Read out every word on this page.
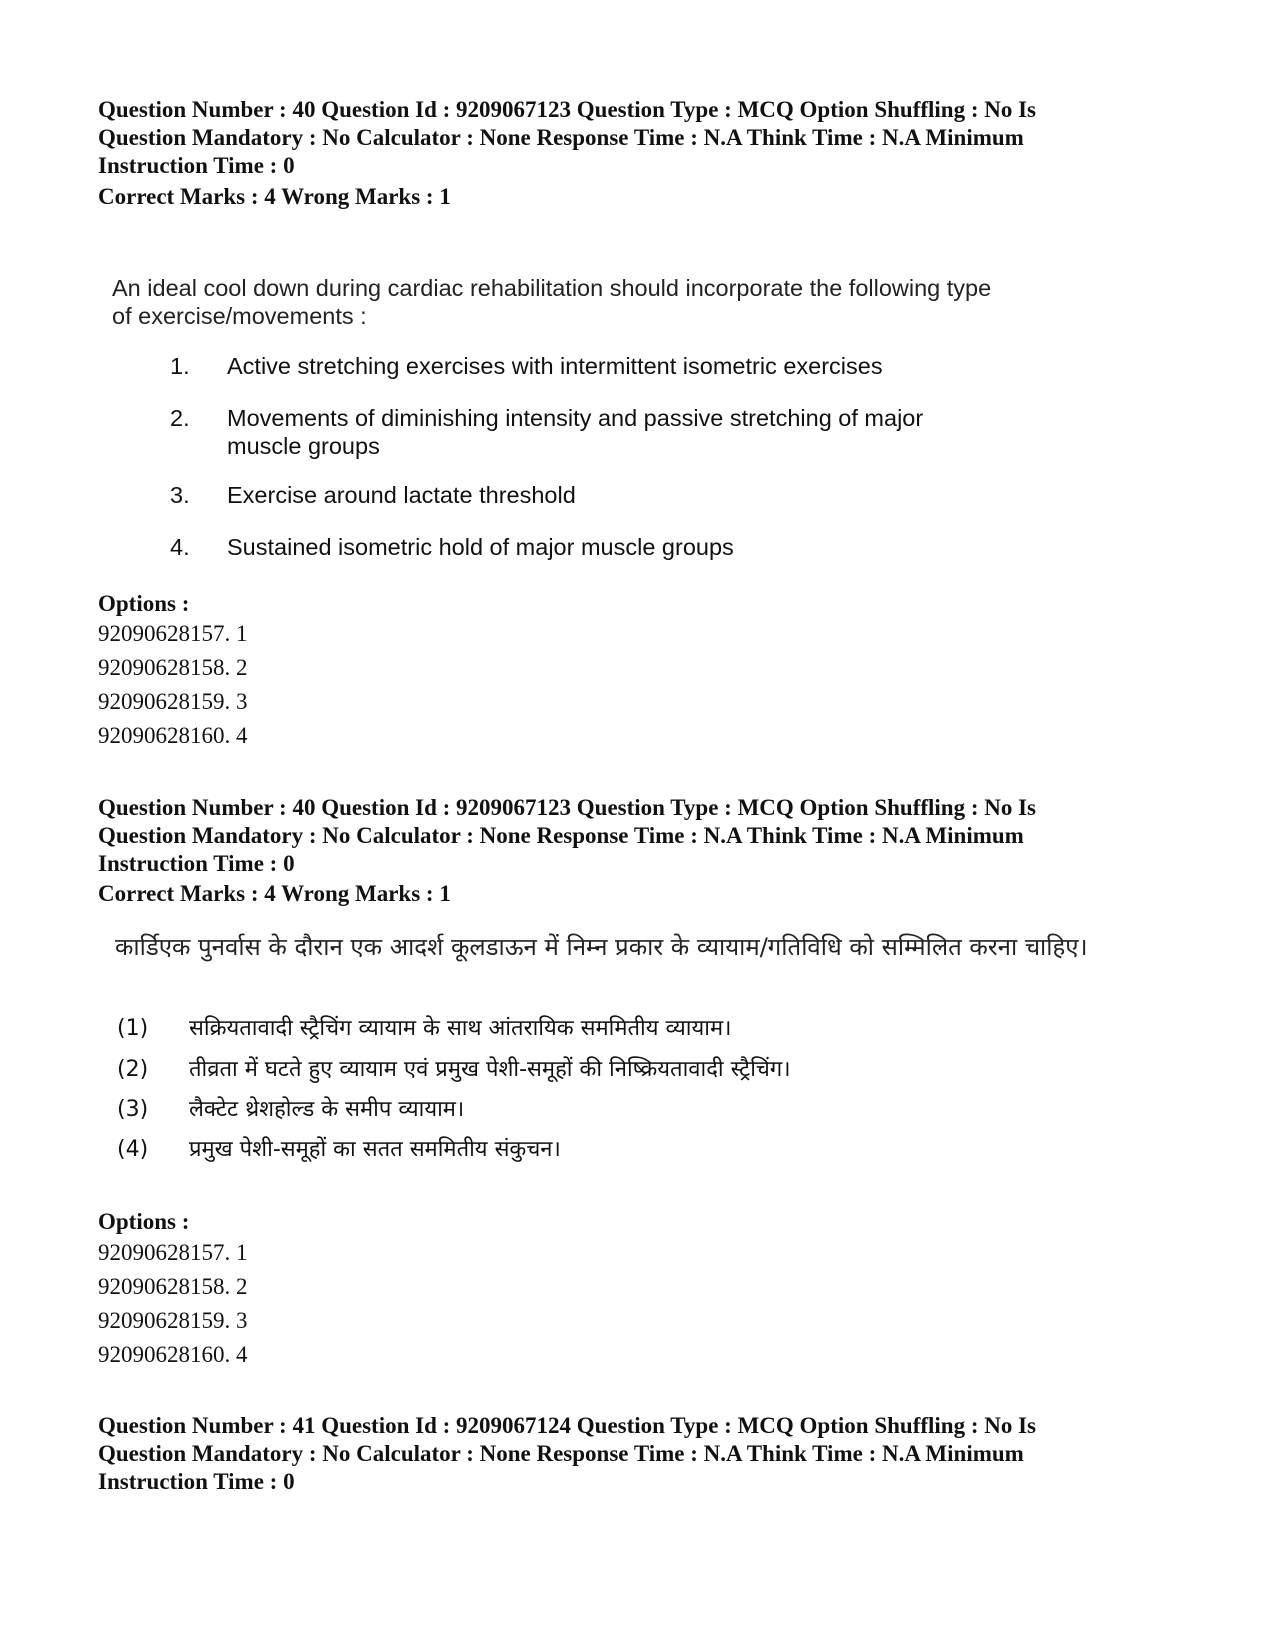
Question Number : 40 Question Id : 9209067123 Question Type : MCQ Option Shuffling : No Is Question Mandatory : No Calculator : None Response Time : N.A Think Time : N.A Minimum Instruction Time : 0
Correct Marks : 4 Wrong Marks : 1

An ideal cool down during cardiac rehabilitation should incorporate the following type of exercise/movements :

1.	Active stretching exercises with intermittent isometric exercises
2.	Movements of diminishing intensity and passive stretching of major muscle groups
3.	Exercise around lactate threshold
4.	Sustained isometric hold of major muscle groups
Options :
92090628157. 1
92090628158. 2
92090628159. 3
92090628160. 4
Question Number : 40 Question Id : 9209067123 Question Type : MCQ Option Shuffling : No Is Question Mandatory : No Calculator : None Response Time : N.A Think Time : N.A Minimum Instruction Time : 0
Correct Marks : 4 Wrong Marks : 1

कार्डिएक पुनर्वास के दौरान एक आदर्श कूलडाऊन में निम्न प्रकार के व्यायाम/गतिविधि को सम्मिलित करना चाहिए।

(1)	सक्रियतावादी स्ट्रैचिंग व्यायाम के साथ आंतरायिक सममितीय व्यायाम।
(2)	तीव्रता में घटते हुए व्यायाम एवं प्रमुख पेशी-समूहों की निष्क्रियतावादी स्ट्रैचिंग।
(3)	लैक्टेट थ्रेशहोल्ड के समीप व्यायाम।
(4)	प्रमुख पेशी-समूहों का सतत सममितीय संकुचन।
Options :
92090628157. 1
92090628158. 2
92090628159. 3
92090628160. 4
Question Number : 41 Question Id : 9209067124 Question Type : MCQ Option Shuffling : No Is Question Mandatory : No Calculator : None Response Time : N.A Think Time : N.A Minimum Instruction Time : 0
